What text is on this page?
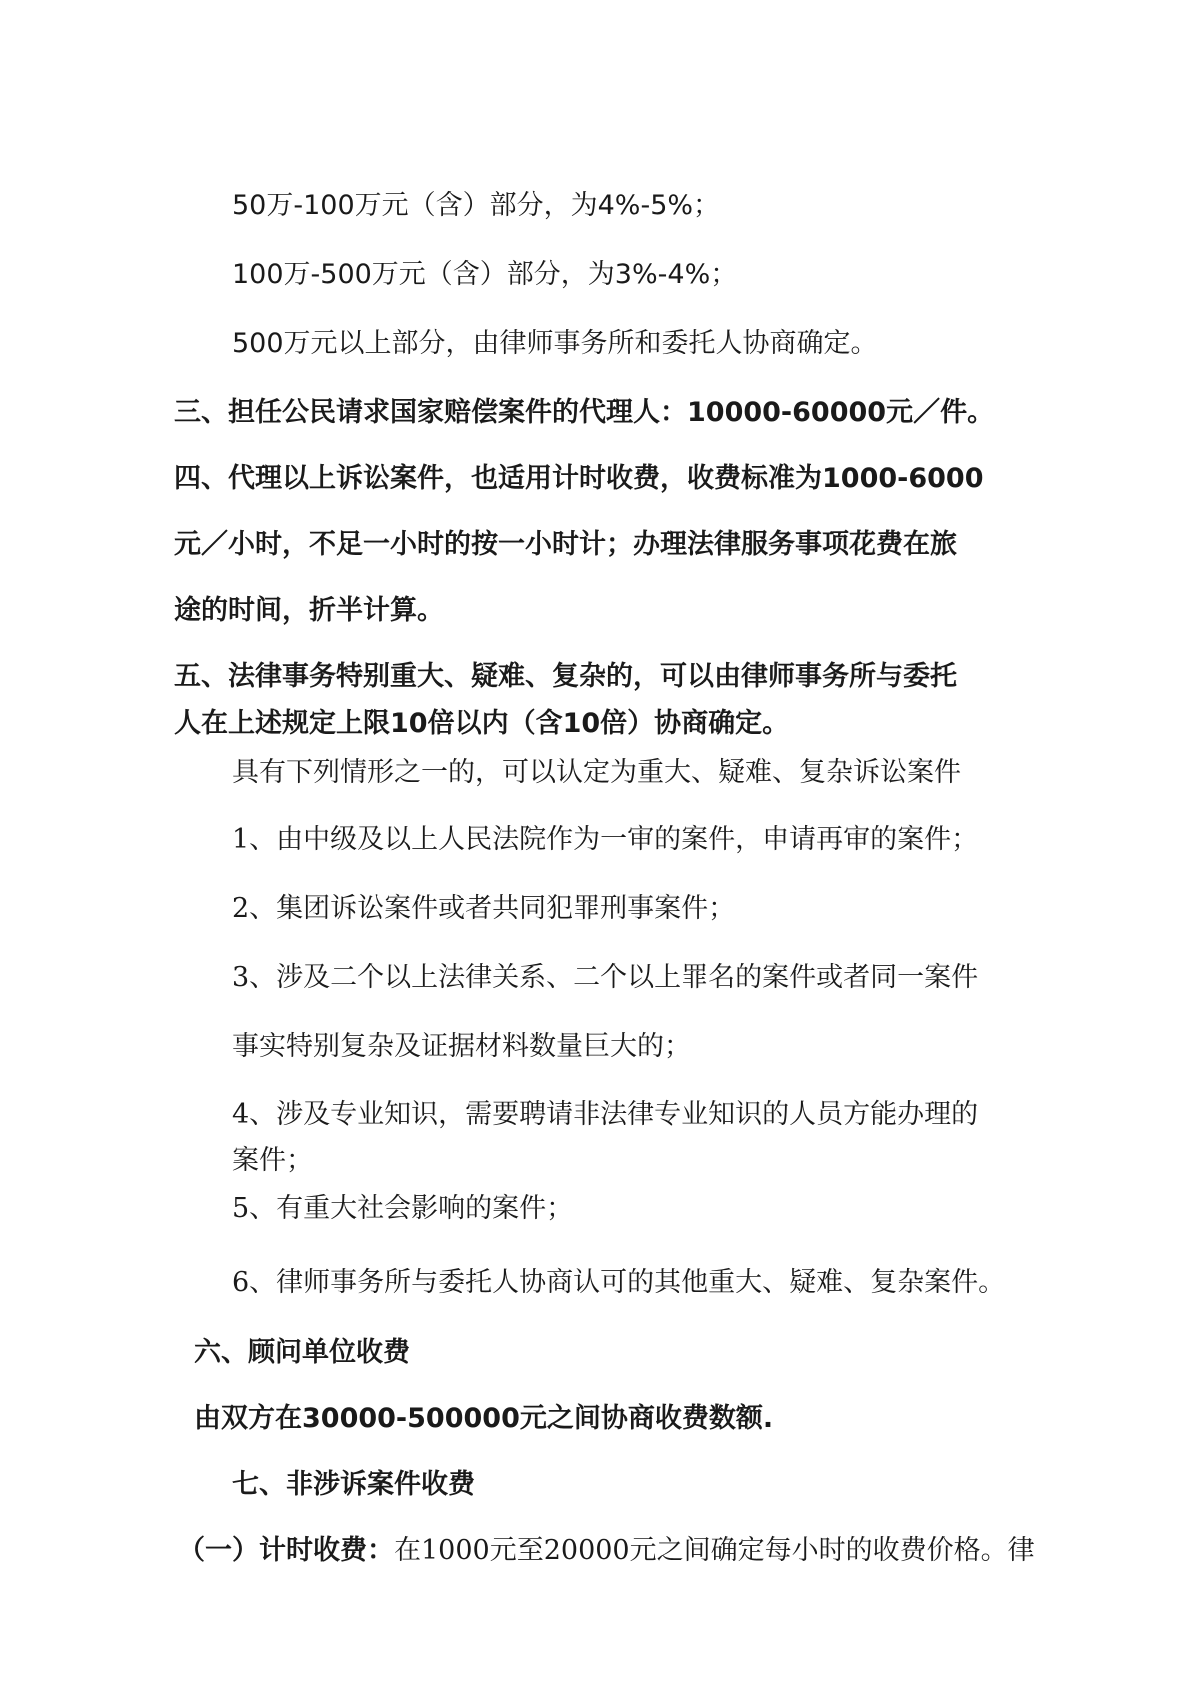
50万-100万元（含）部分，为4%-5%；
100万-500万元（含）部分，为3%-4%；
500万元以上部分，由律师事务所和委托人协商确定。
三、担任公民请求国家赔偿案件的代理人：10000-60000元／件。
四、代理以上诉讼案件，也适用计时收费，收费标准为1000-6000
元／小时，不足一小时的按一小时计；办理法律服务事项花费在旅
途的时间，折半计算。
五、法律事务特别重大、疑难、复杂的，可以由律师事务所与委托
人在上述规定上限10倍以内（含10倍）协商确定。
具有下列情形之一的，可以认定为重大、疑难、复杂诉讼案件
1、由中级及以上人民法院作为一审的案件，申请再审的案件；
2、集团诉讼案件或者共同犯罪刑事案件；
3、涉及二个以上法律关系、二个以上罪名的案件或者同一案件
事实特别复杂及证据材料数量巨大的；
4、涉及专业知识，需要聘请非法律专业知识的人员方能办理的
案件；
5、有重大社会影响的案件；
6、律师事务所与委托人协商认可的其他重大、疑难、复杂案件。
六、顾问单位收费
由双方在30000-500000元之间协商收费数额.
七、非涉诉案件收费
（一）计时收费：在1000元至20000元之间确定每小时的收费价格。律
